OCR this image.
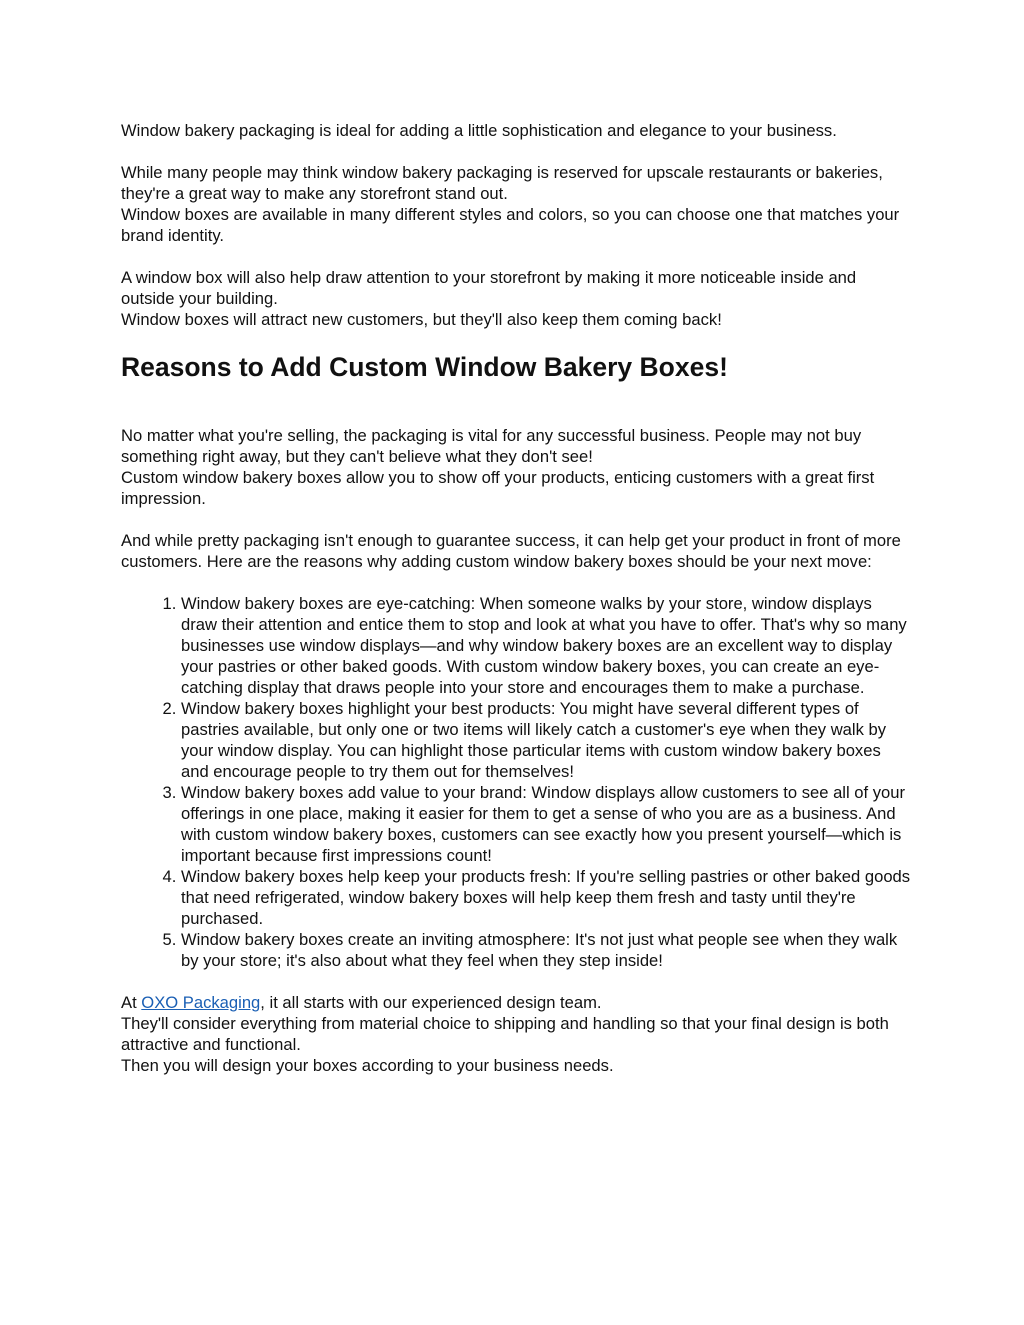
Window bakery packaging is ideal for adding a little sophistication and elegance to your business.

While many people may think window bakery packaging is reserved for upscale restaurants or bakeries, they're a great way to make any storefront stand out.
Window boxes are available in many different styles and colors, so you can choose one that matches your brand identity.

A window box will also help draw attention to your storefront by making it more noticeable inside and outside your building.
Window boxes will attract new customers, but they'll also keep them coming back!

Reasons to Add Custom Window Bakery Boxes!

No matter what you're selling, the packaging is vital for any successful business. People may not buy something right away, but they can't believe what they don't see!
Custom window bakery boxes allow you to show off your products, enticing customers with a great first impression.

And while pretty packaging isn't enough to guarantee success, it can help get your product in front of more customers. Here are the reasons why adding custom window bakery boxes should be your next move:

1. Window bakery boxes are eye-catching: When someone walks by your store, window displays draw their attention and entice them to stop and look at what you have to offer. That's why so many businesses use window displays—and why window bakery boxes are an excellent way to display your pastries or other baked goods. With custom window bakery boxes, you can create an eye-catching display that draws people into your store and encourages them to make a purchase.
2. Window bakery boxes highlight your best products: You might have several different types of pastries available, but only one or two items will likely catch a customer's eye when they walk by your window display. You can highlight those particular items with custom window bakery boxes and encourage people to try them out for themselves!
3. Window bakery boxes add value to your brand: Window displays allow customers to see all of your offerings in one place, making it easier for them to get a sense of who you are as a business. And with custom window bakery boxes, customers can see exactly how you present yourself—which is important because first impressions count!
4. Window bakery boxes help keep your products fresh: If you're selling pastries or other baked goods that need refrigerated, window bakery boxes will help keep them fresh and tasty until they're purchased.
5. Window bakery boxes create an inviting atmosphere: It's not just what people see when they walk by your store; it's also about what they feel when they step inside!

At OXO Packaging, it all starts with our experienced design team.
They'll consider everything from material choice to shipping and handling so that your final design is both attractive and functional.
Then you will design your boxes according to your business needs.
